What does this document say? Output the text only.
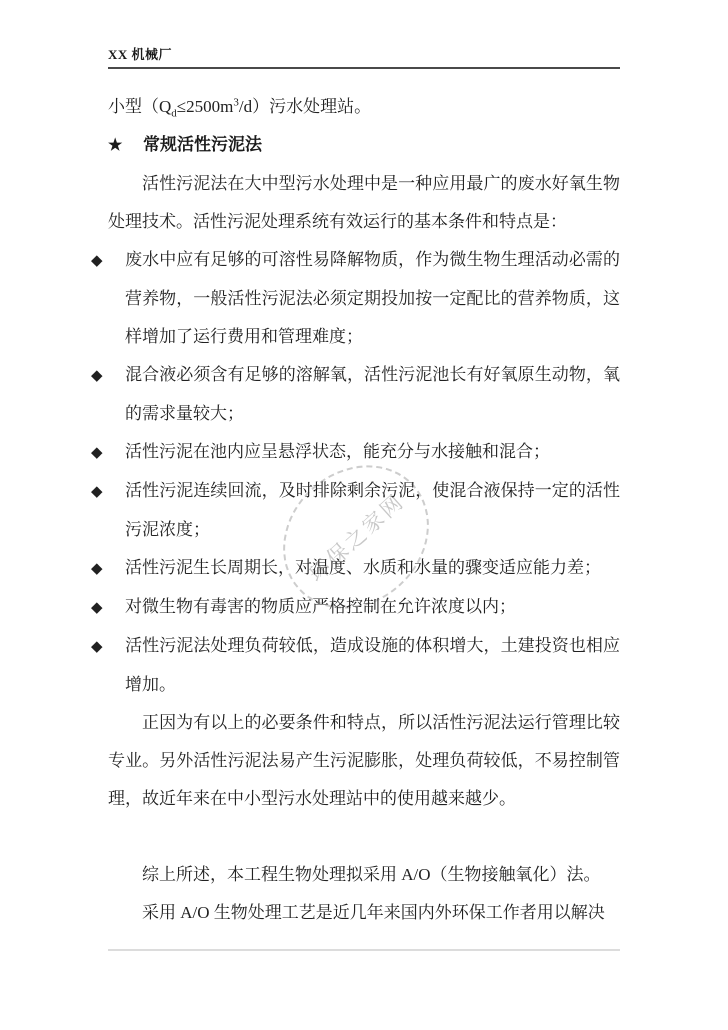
环保之家网
XX 机械厂

小型$(Q_d\le 2500m^3/d)$污水处理站。

★ 常规活性污泥法

活性污泥法在大中型污水处理中是一种应用最广的废水好氧生物处理技术。活性污泥处理系统有效运行的基本条件和特点是：

◆ 废水中应有足够的可溶性易降解物质，作为微生物生理活动必需的营养物，一般活性污泥法必须定期投加按一定配比的营养物质，这样增加了运行费用和管理难度；
◆ 混合液必须含有足够的溶解氧，活性污泥池长有好氧原生动物，氧的需求量较大；
◆ 活性污泥在池内应呈悬浮状态，能充分与水接触和混合；
◆ 活性污泥连续回流，及时排除剩余污泥，使混合液保持一定的活性污泥浓度；
◆ 活性污泥生长周期长，对温度、水质和水量的骤变适应能力差；
◆ 对微生物有毒害的物质应严格控制在允许浓度以内；
◆ 活性污泥法处理负荷较低，造成设施的体积增大，土建投资也相应增加。

正因为有以上的必要条件和特点，所以活性污泥法运行管理比较专业。另外活性污泥法易产生污泥膨胀，处理负荷较低，不易控制管理，故近年来在中小型污水处理站中的使用越来越少。

综上所述，本工程生物处理拟采用 A/O（生物接触氧化）法。

采用 A/O 生物处理工艺是近几年来国内外环保工作者用以解决
